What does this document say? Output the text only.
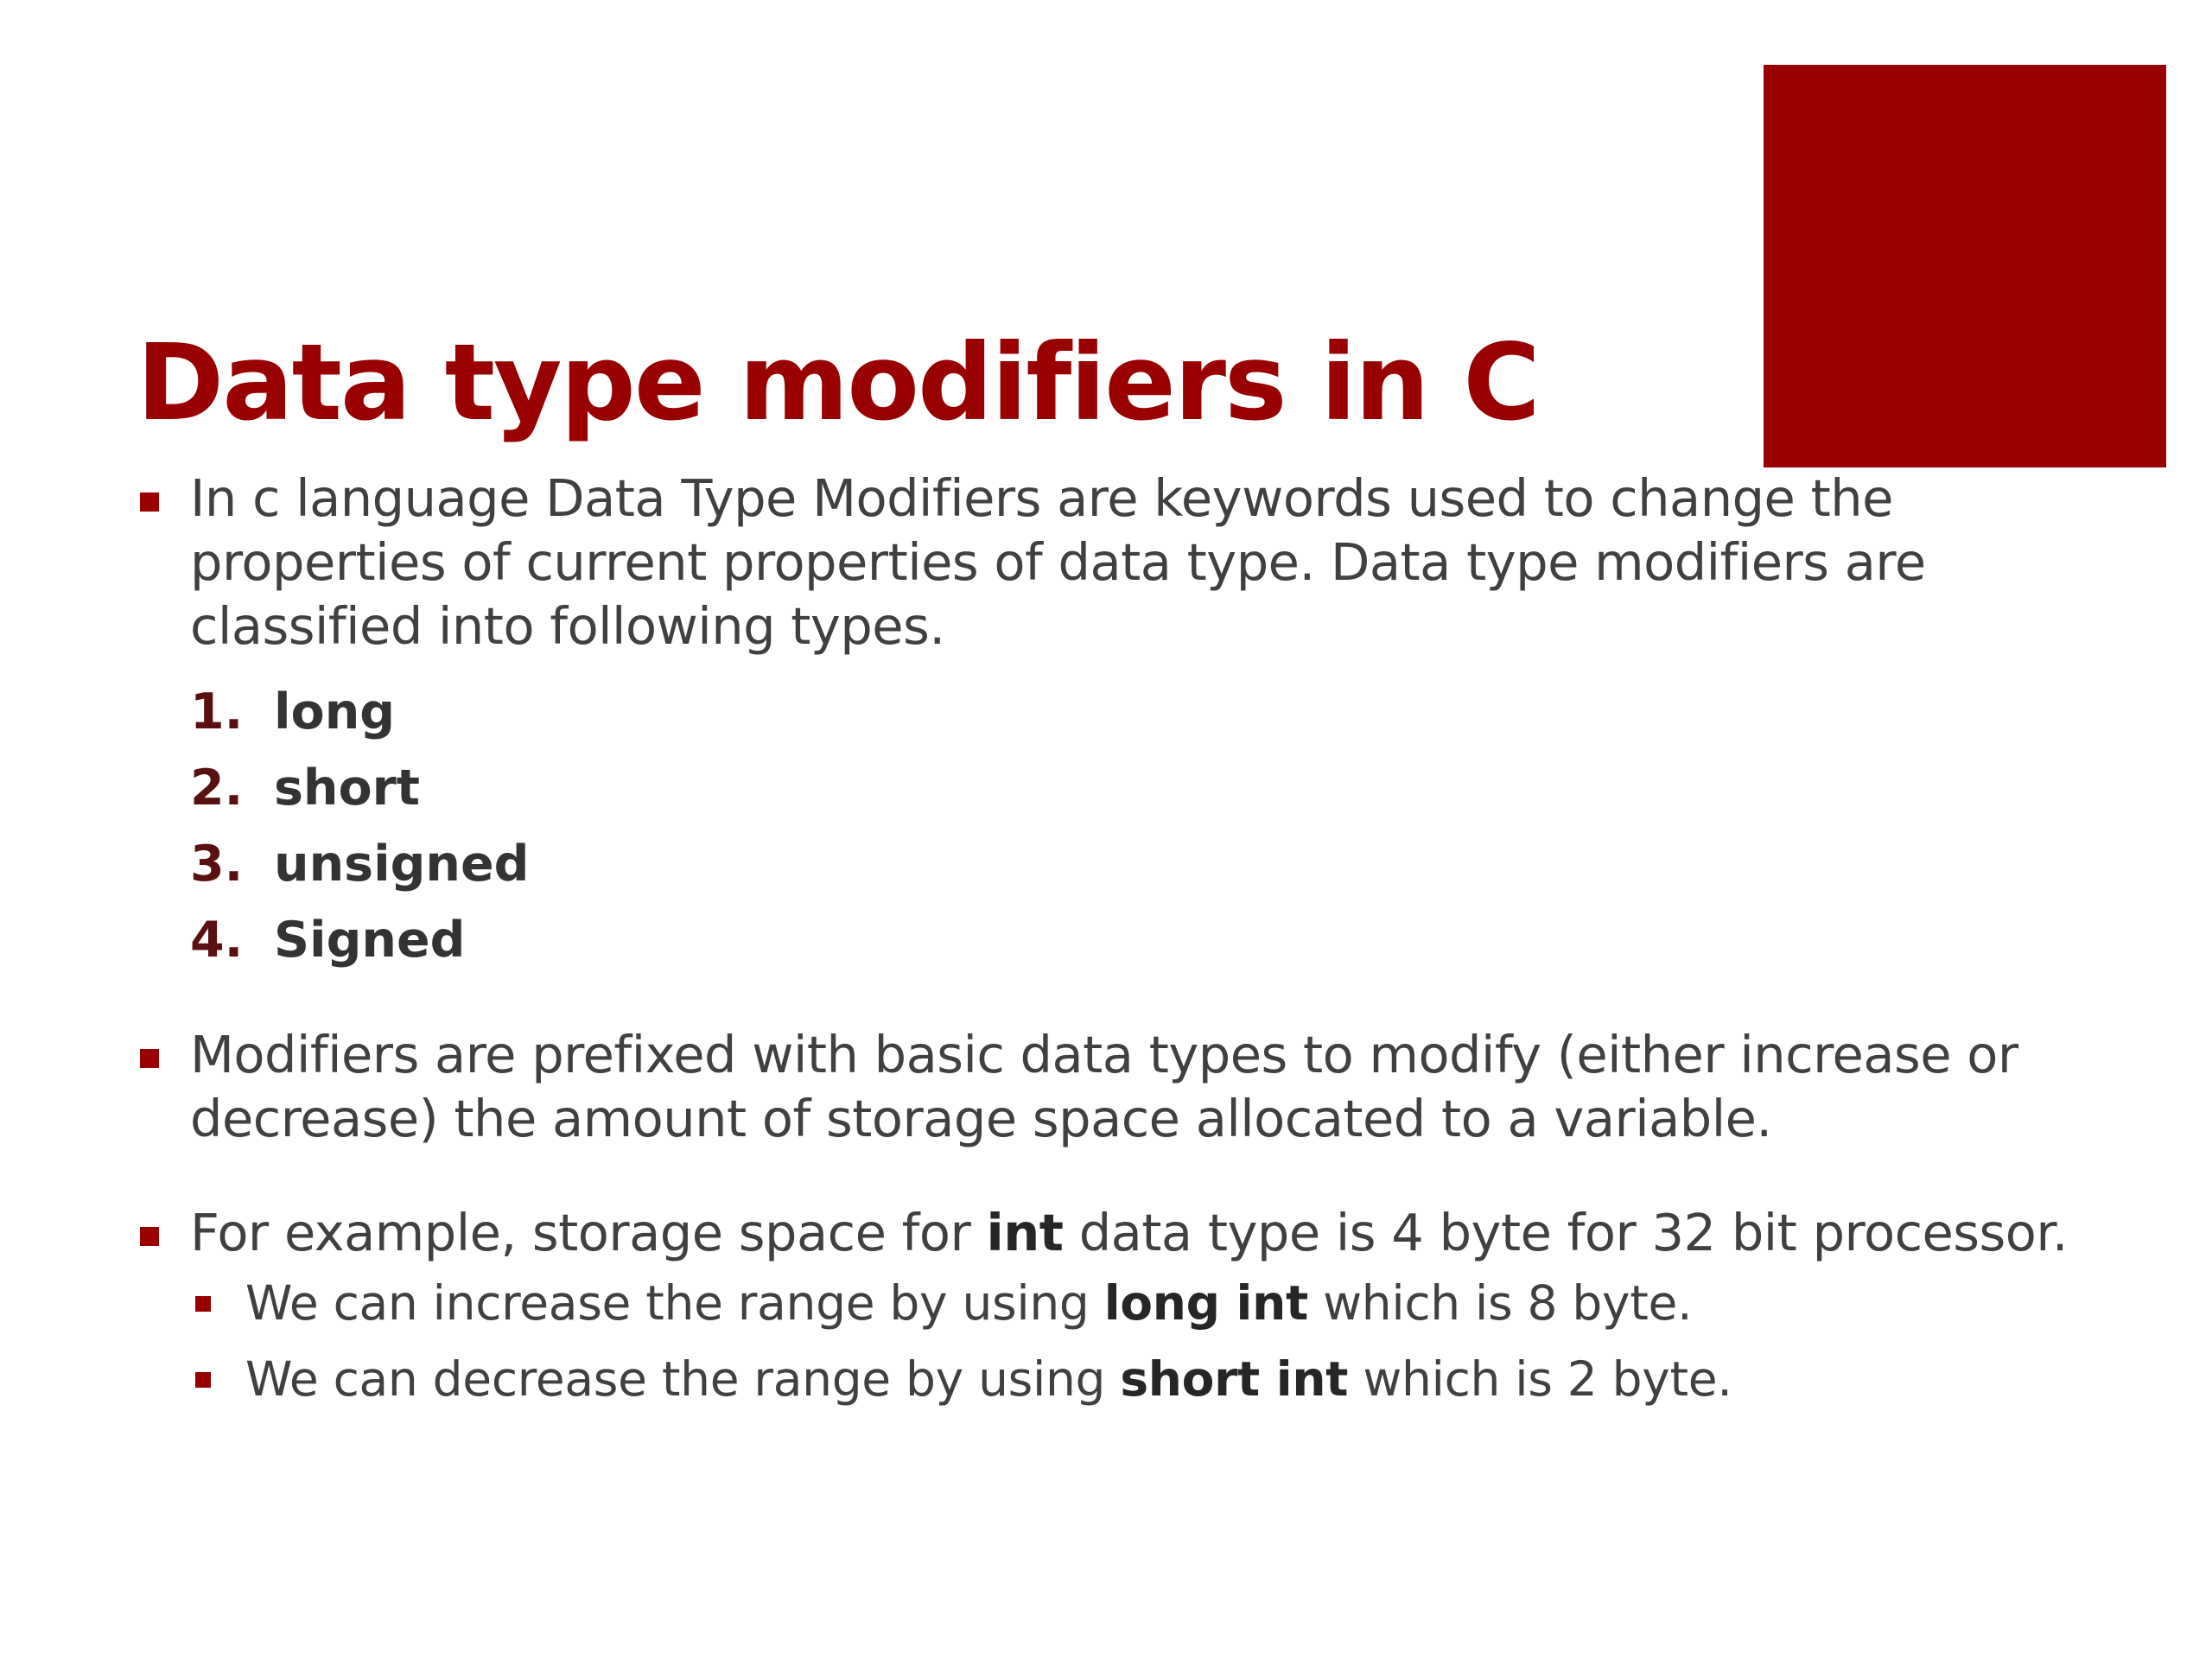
Data type modifiers in C
In c language Data Type Modifiers are keywords used to change the properties of current properties of data type. Data type modifiers are classified into following types.
1. long
2. short
3. unsigned
4. Signed
Modifiers are prefixed with basic data types to modify (either increase or decrease) the amount of storage space allocated to a variable.
For example, storage space for int data type is 4 byte for 32 bit processor.
We can increase the range by using long int which is 8 byte.
We can decrease the range by using short int which is 2 byte.
